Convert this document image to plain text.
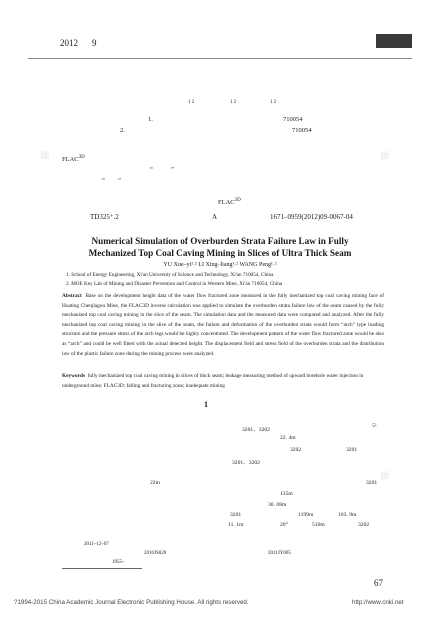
2012 9
▦	▦
▦
1 2	1 2	1 2
1.	710054
2.	710054
$FLAC^{3D}$
“	”
“ ”
$FLAC^{3D}$
TD325⁺.2	A	1671–0959(2012)09-0067-04
Numerical Simulation of Overburden Strata Failure Law in Fully
Mechanized Top Coal Caving Mining in Slices of Ultra Thick Seam
YU Xue–yi¹˒² LI Xing–liang¹˒² WANG Peng¹˒²
1. School of Energy Engineering, Xi'an University of Science and Technology, Xi'an 710054, China
2. MOE Key Lab of Mining and Disaster Prevention and Control in Western Mine, Xi'an 710054, China
Abstract Base on the development height data of the water flow fractured zone measured in the fully mechanized top coal caving mining face of Huating Chenjiagou Mine, the FLAC3D inverse calculation was applied to simulate the overburden strata failure law of the seam caused by the fully mechanized top coal caving mining in the slice of the seam. The simulation data and the measured data were compared and analyzed. After the fully mechanized top coal caving mining in the slice of the seam, the failure and deformation of the overburden strata would form “arch” type loading structure and the pressure stress of the arch legs would be highly concentrated. The development pattern of the water flow fractured zone would be also as “arch” and could be well fitted with the actual detected height. The displacement field and stress field of the overburden strata and the distribution law of the plastic failure zone during the mining process were analyzed.
Keywords fully mechanized top coal caving mining in slices of thick seam; leakage measuring method of upward borehole water injection in underground mine; FLAC3D; falling and fracturing zone; inadequate mining
1
3201、3202
5²
22. 4m
3202	3201
3201、3202
22m	3201
135m
30. 08m
3201	1199m	103. 9m
11. 1m	20°	510m	3202
2011–12–07
2010JS020	2011JY005
1955–
67
?1994-2015 China Academic Journal Electronic Publishing House. All rights reserved.	http://www.cnki.net
